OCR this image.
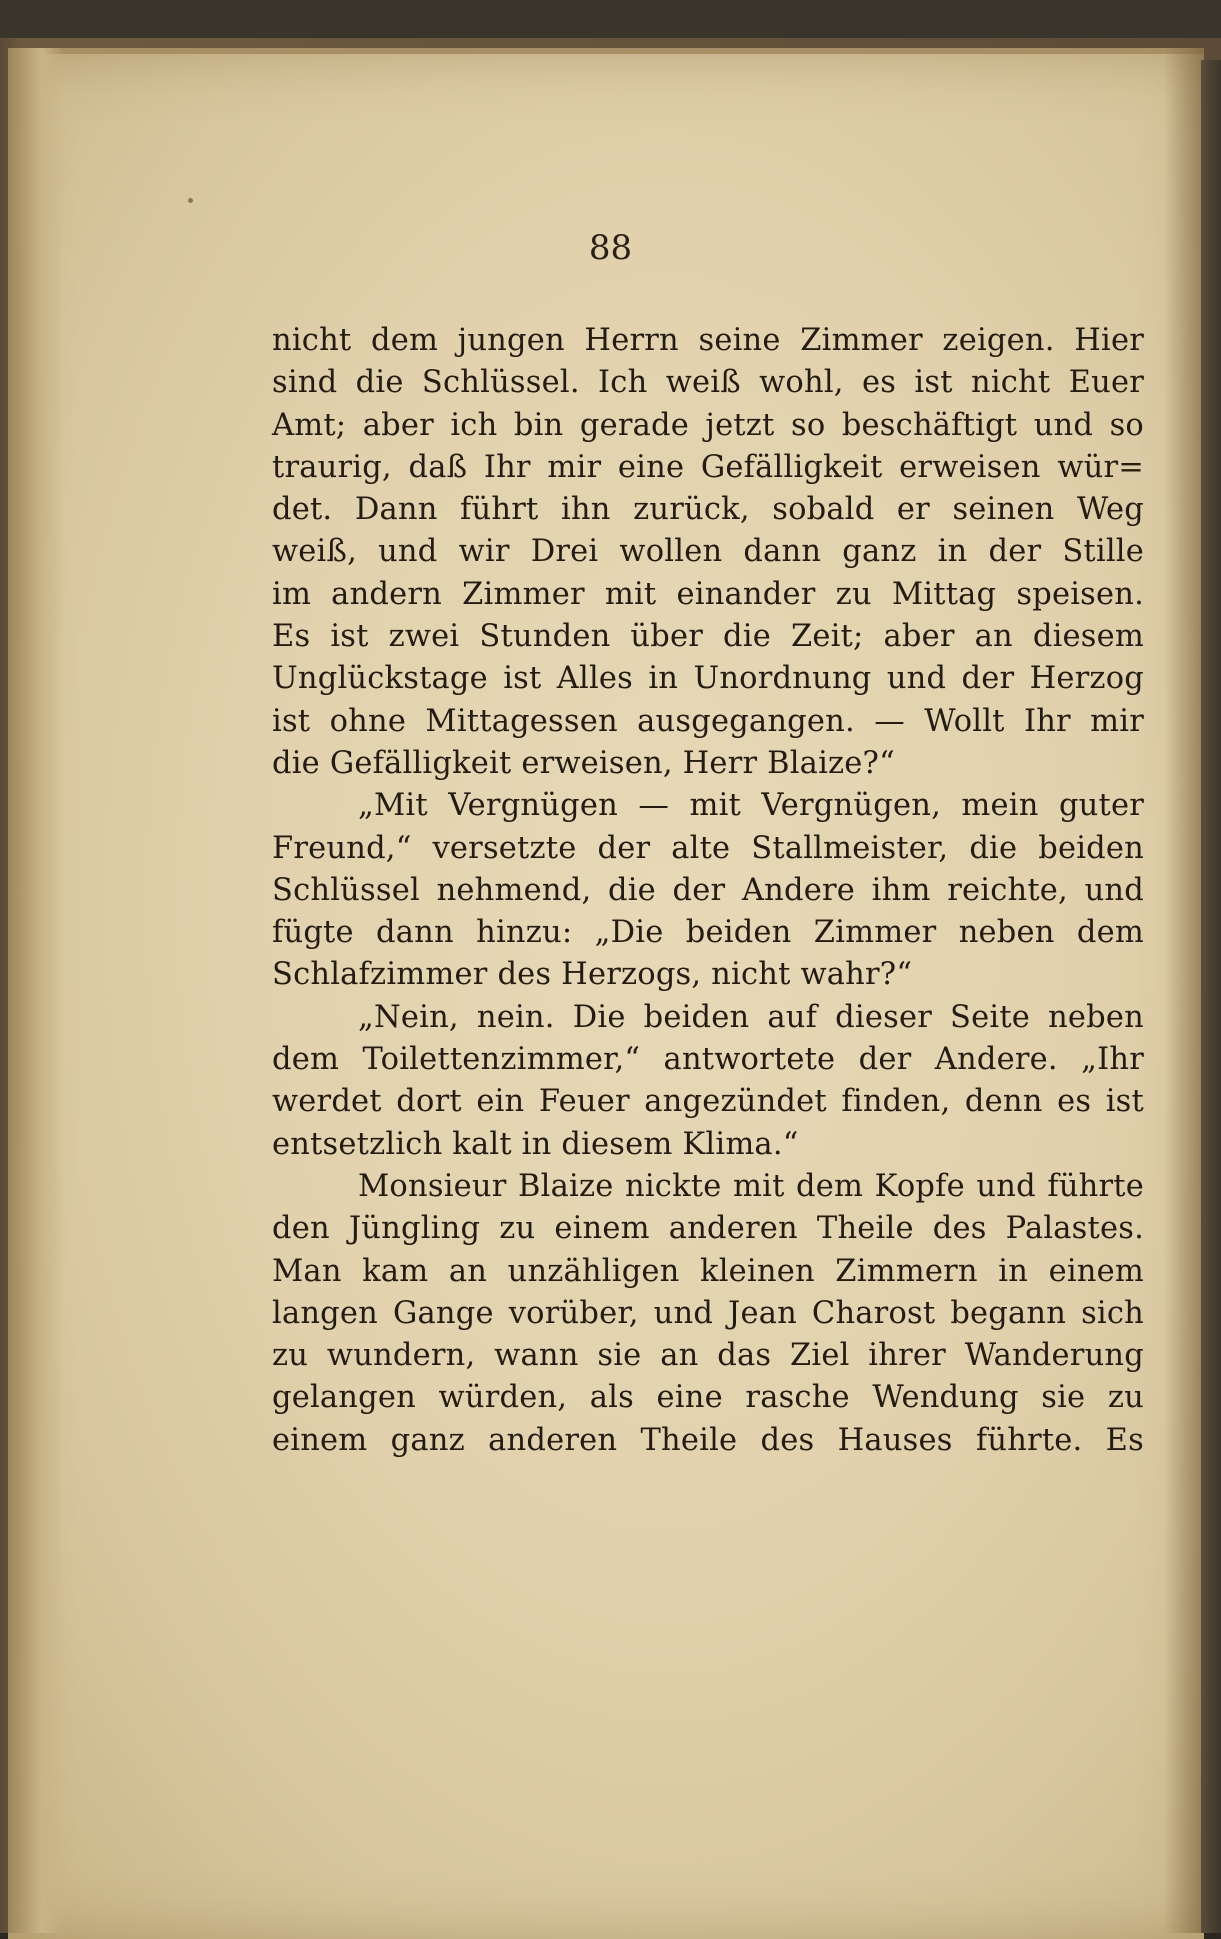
88
nicht dem jungen Herrn seine Zimmer zeigen. Hier
sind die Schlüssel. Ich weiß wohl, es ist nicht Euer
Amt; aber ich bin gerade jetzt so beschäftigt und so
traurig, daß Ihr mir eine Gefälligkeit erweisen wür=
det. Dann führt ihn zurück, sobald er seinen Weg
weiß, und wir Drei wollen dann ganz in der Stille
im andern Zimmer mit einander zu Mittag speisen.
Es ist zwei Stunden über die Zeit; aber an diesem
Unglückstage ist Alles in Unordnung und der Herzog
ist ohne Mittagessen ausgegangen. — Wollt Ihr mir
die Gefälligkeit erweisen, Herr Blaize?“
„Mit Vergnügen — mit Vergnügen, mein guter
Freund,“ versetzte der alte Stallmeister, die beiden
Schlüssel nehmend, die der Andere ihm reichte, und
fügte dann hinzu: „Die beiden Zimmer neben dem
Schlafzimmer des Herzogs, nicht wahr?“
„Nein, nein. Die beiden auf dieser Seite neben
dem Toilettenzimmer,“ antwortete der Andere. „Ihr
werdet dort ein Feuer angezündet finden, denn es ist
entsetzlich kalt in diesem Klima.“
Monsieur Blaize nickte mit dem Kopfe und führte
den Jüngling zu einem anderen Theile des Palastes.
Man kam an unzähligen kleinen Zimmern in einem
langen Gange vorüber, und Jean Charost begann sich
zu wundern, wann sie an das Ziel ihrer Wanderung
gelangen würden, als eine rasche Wendung sie zu
einem ganz anderen Theile des Hauses führte. Es
